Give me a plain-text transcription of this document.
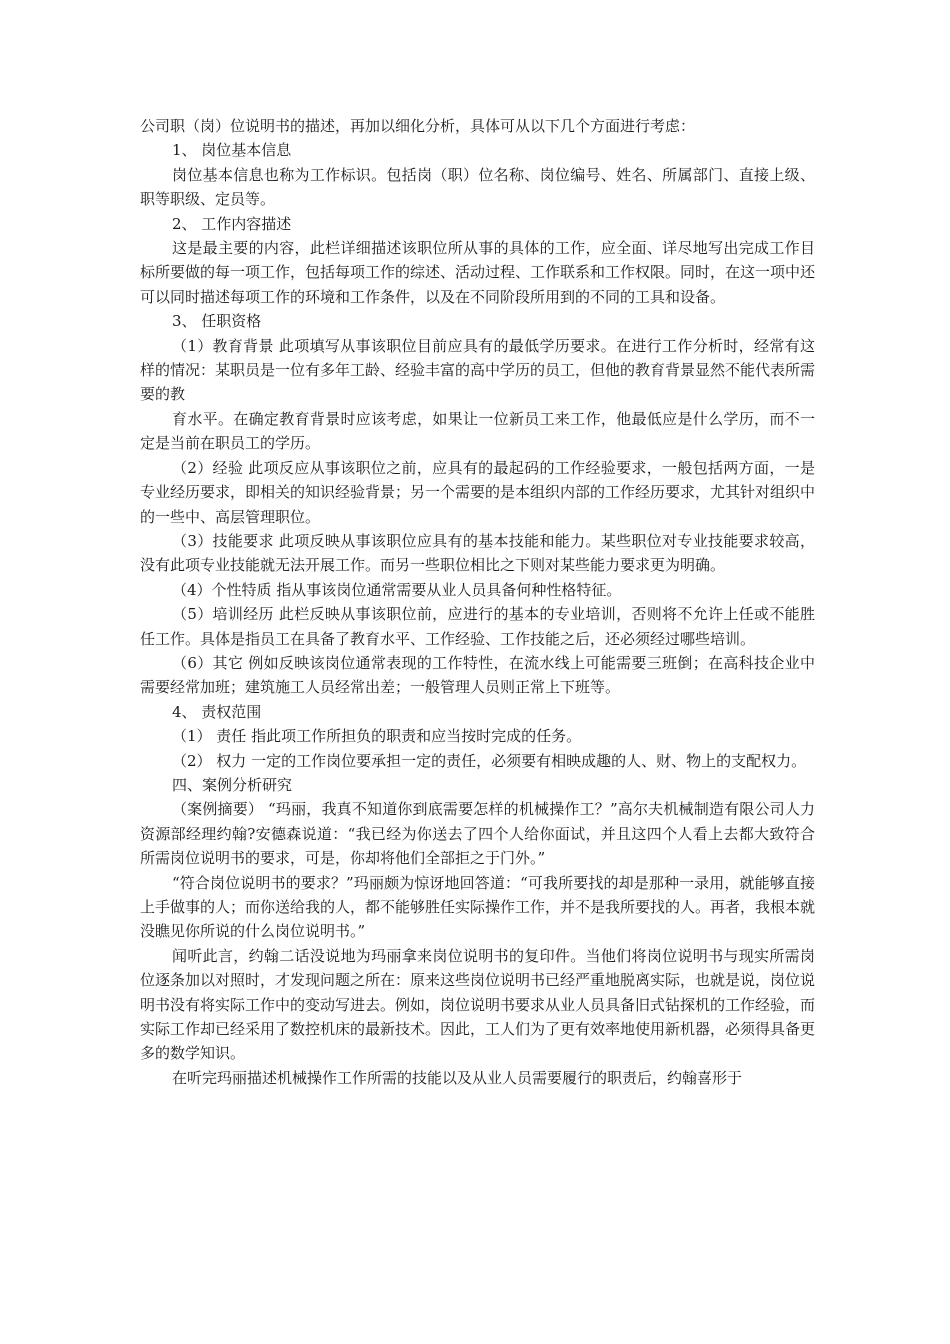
公司职（岗）位说明书的描述，再加以细化分析，具体可从以下几个方面进行考虑：

1、 岗位基本信息

岗位基本信息也称为工作标识。包括岗（职）位名称、岗位编号、姓名、所属部门、直接上级、职等职级、定员等。

2、 工作内容描述

这是最主要的内容，此栏详细描述该职位所从事的具体的工作，应全面、详尽地写出完成工作目标所要做的每一项工作，包括每项工作的综述、活动过程、工作联系和工作权限。同时，在这一项中还可以同时描述每项工作的环境和工作条件，以及在不同阶段所用到的不同的工具和设备。

3、 任职资格

（1）教育背景 此项填写从事该职位目前应具有的最低学历要求。在进行工作分析时，经常有这样的情况：某职员是一位有多年工龄、经验丰富的高中学历的员工，但他的教育背景显然不能代表所需要的教

育水平。在确定教育背景时应该考虑，如果让一位新员工来工作，他最低应是什么学历，而不一定是当前在职员工的学历。

（2）经验 此项反应从事该职位之前，应具有的最起码的工作经验要求，一般包括两方面，一是专业经历要求，即相关的知识经验背景；另一个需要的是本组织内部的工作经历要求，尤其针对组织中的一些中、高层管理职位。

（3）技能要求 此项反映从事该职位应具有的基本技能和能力。某些职位对专业技能要求较高，没有此项专业技能就无法开展工作。而另一些职位相比之下则对某些能力要求更为明确。

（4）个性特质 指从事该岗位通常需要从业人员具备何种性格特征。

（5）培训经历 此栏反映从事该职位前，应进行的基本的专业培训，否则将不允许上任或不能胜任工作。具体是指员工在具备了教育水平、工作经验、工作技能之后，还必须经过哪些培训。

（6）其它 例如反映该岗位通常表现的工作特性，在流水线上可能需要三班倒；在高科技企业中需要经常加班；建筑施工人员经常出差；一般管理人员则正常上下班等。

4、 责权范围

（1） 责任 指此项工作所担负的职责和应当按时完成的任务。

（2） 权力 一定的工作岗位要承担一定的责任，必须要有相映成趣的人、财、物上的支配权力。

四、案例分析研究

（案例摘要） “玛丽，我真不知道你到底需要怎样的机械操作工？”高尔夫机械制造有限公司人力资源部经理约翰?安德森说道：“我已经为你送去了四个人给你面试，并且这四个人看上去都大致符合所需岗位说明书的要求，可是，你却将他们全部拒之于门外。”

“符合岗位说明书的要求？”玛丽颇为惊讶地回答道：“可我所要找的却是那种一录用，就能够直接上手做事的人；而你送给我的人，都不能够胜任实际操作工作，并不是我所要找的人。再者，我根本就没瞧见你所说的什么岗位说明书。”

闻听此言，约翰二话没说地为玛丽拿来岗位说明书的复印件。当他们将岗位说明书与现实所需岗位逐条加以对照时，才发现问题之所在：原来这些岗位说明书已经严重地脱离实际，也就是说，岗位说明书没有将实际工作中的变动写进去。例如，岗位说明书要求从业人员具备旧式钻探机的工作经验，而实际工作却已经采用了数控机床的最新技术。因此，工人们为了更有效率地使用新机器，必须得具备更多的数学知识。

在听完玛丽描述机械操作工作所需的技能以及从业人员需要履行的职责后，约翰喜形于
